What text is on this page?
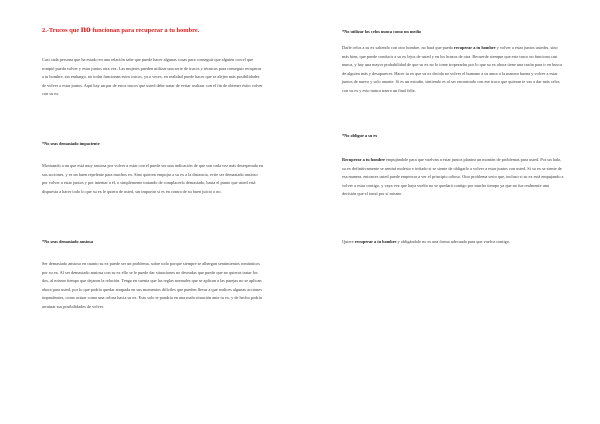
2.-Trucos que no funcionan para recuperar a tu hombre.
Casi cada persona que ha estado en una relación sabe que puede hacer algunas cosas para conseguir que alguien con el que rompió pueda volver y estar juntos otra vez. Las mujeres pueden utilizar una serie de trucos y técnicas para conseguir recuperar a tu hombre, sin embargo, no todas funcionan estos trucos, ya a veces, en realidad puede hacer que se alejen más posibilidades de volver a estar juntos. Aquí hay un par de estos trucos que usted debe tratar de evitar realizar con el fin de obtener éxito volver con su ex.
*No seas demasiado impaciente
Mostrando a un que está muy ansiosa por volver a estar con el puede ser una indicación de que son cada vez más desesperada en sus acciones, y es un buen repelente para muchos ex. Sino quieren empujar a su ex a la distancia, evite ser demasiado ansioso por volver a estar juntos y por intentar a él, o simplemente tratando de complacerlo demasiado, hasta el punto que usted está dispuesta a hacer todo lo que su ex le quiera de usted, sin importar si es en contra de su buen juicio o no.
*No seas demasiado ansiosa
Ser demasiado ansiosa en cuanto su ex puede ser un problema, sobre todo porque siempre se albergan sentimientos románticos por su ex. Al ser demasiado ansiosa con su ex ello se le puede dar situaciones no deseadas que puede que no quieras tratar los dos, al mismo tiempo que dejaron la relación. Tenga en cuenta que las reglas normales que se aplican a las parejas no se aplican ahora para usted, por lo que podría quedar atrapada en sus momentos difíciles que pueden llevar a que realices algunas acciones imprudentes, como actuar como una celosa hacia su ex. Esto solo te pondría en una mala situación ante tu ex, y de hecho podría arruinar sus posibilidades de volver.
*No utilizar los celos nunca como un medio
Darle celos a su ex saliendo con otro hombre, no hará que pueda recuperar a tu hombre y volver a estar juntos ustedes, sino más bien, que puede conducir a su ex lejos de usted y en los brazos de otra. Recuerde siempre que este truco no funciona casi nunca, y hay una mayor probabilidad de que su ex no lo tome tropezadas por lo que su ex ahora tiene una razón para ir en busca de alguien más y desaparecer. Hacer tu ex que su ex decida no volver el humano a su amor a la manera buena y volver a estar juntos de nuevo y solo amarte. Si es un extraño, sintiendo es al ser encontrado con ese truco que quieran te vas a dar más celos con su ex y esto nunca traera un final feliz.
*No obligue a su ex
Recuperar a tu hombre empujándole para que vuelvan a estar juntos plantea un montón de problemas para usted. Por un lado, su ex definitivamente se sentirá molesto e irritado si se siente de obligarlo a volver a estar juntos con usted. Si su ex se siente de esa manera, entonces usted puede empeorar a ver el principio odioso. Otro problema serio que, incluso si su ex está empujando a volver a estar contigo, y vaya vez que haya vuelto no se quedará contigo por mucho tiempo ya que no fue realmente una decisión que el tomó por sí mismo.
Quiere recuperar a tu hombre y obligándole no es una forma adecuada para que vuelva contigo.
